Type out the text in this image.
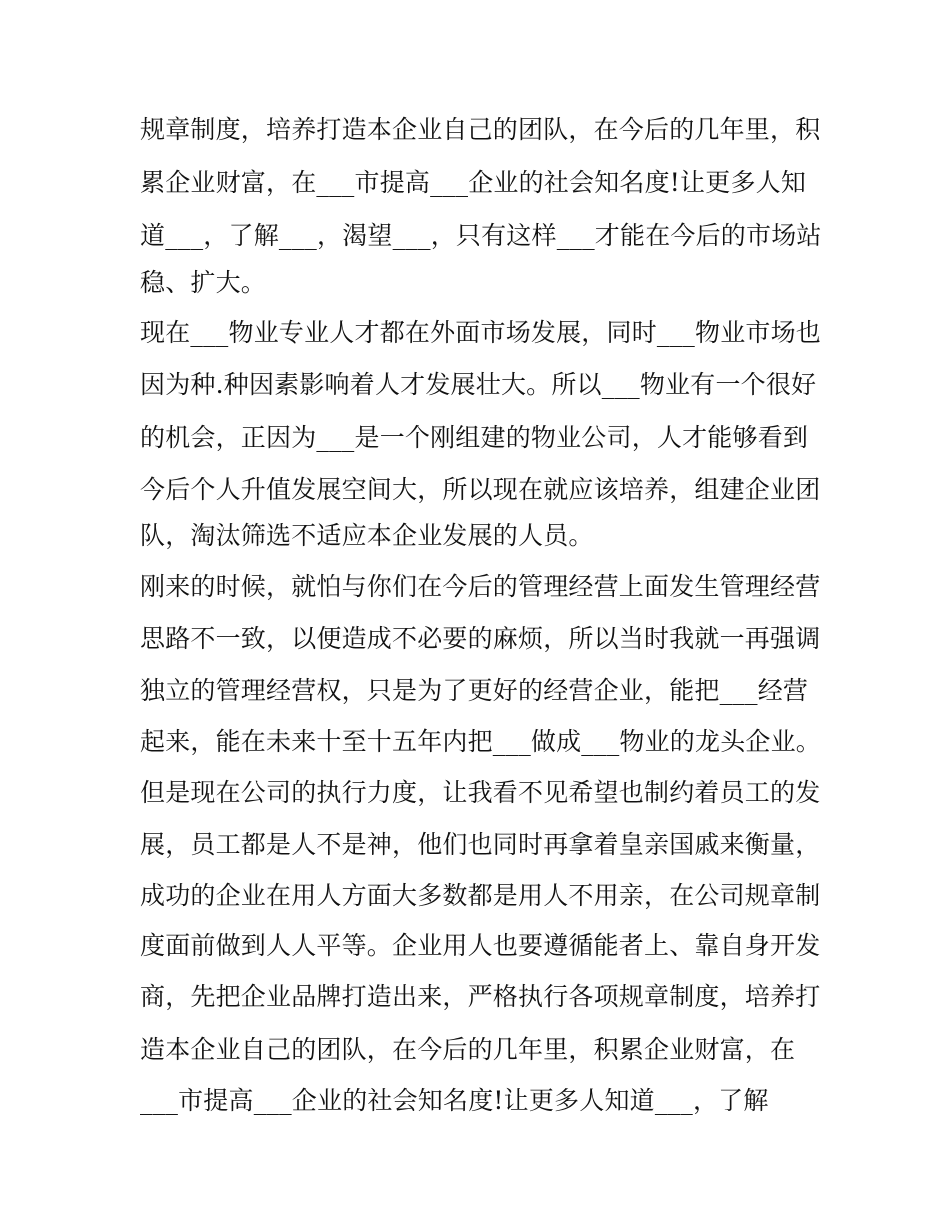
规章制度，培养打造本企业自己的团队，在今后的几年里，积
累企业财富，在___市提高___企业的社会知名度!让更多人知
道___，了解___，渴望___，只有这样___才能在今后的市场站
稳、扩大。
现在___物业专业人才都在外面市场发展，同时___物业市场也
因为种.种因素影响着人才发展壮大。所以___物业有一个很好
的机会，正因为___是一个刚组建的物业公司，人才能够看到
今后个人升值发展空间大，所以现在就应该培养，组建企业团
队，淘汰筛选不适应本企业发展的人员。
刚来的时候，就怕与你们在今后的管理经营上面发生管理经营
思路不一致，以便造成不必要的麻烦，所以当时我就一再强调
独立的管理经营权，只是为了更好的经营企业，能把___经营
起来，能在未来十至十五年内把___做成___物业的龙头企业。
但是现在公司的执行力度，让我看不见希望也制约着员工的发
展，员工都是人不是神，他们也同时再拿着皇亲国戚来衡量，
成功的企业在用人方面大多数都是用人不用亲，在公司规章制
度面前做到人人平等。企业用人也要遵循能者上、靠自身开发
商，先把企业品牌打造出来，严格执行各项规章制度，培养打
造本企业自己的团队，在今后的几年里，积累企业财富，在
___市提高___企业的社会知名度!让更多人知道___，了解
